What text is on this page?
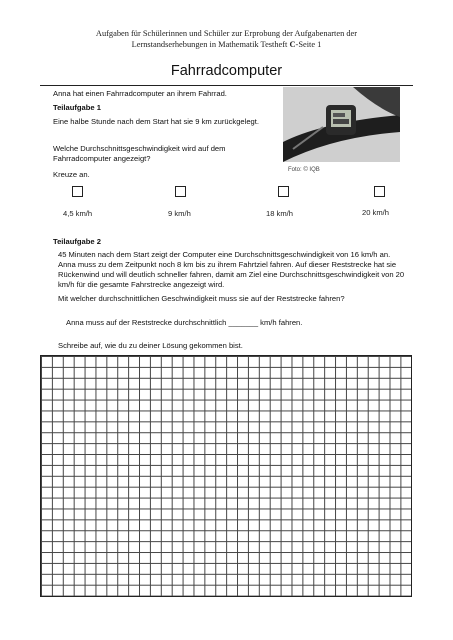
Aufgaben für Schülerinnen und Schüler zur Erprobung der Aufgabenarten der
Lernstandserhebungen in Mathematik Testheft C-Seite 1
Fahrradcomputer
Anna hat einen Fahrradcomputer an ihrem Fahrrad.
Teilaufgabe 1
Eine halbe Stunde nach dem Start hat sie 9 km zurückgelegt.
Welche Durchschnittsgeschwindigkeit wird auf dem Fahrradcomputer angezeigt?
Kreuze an.	Foto: © IQB
4,5 km/h	9 km/h	18 km/h	20 km/h
Teilaufgabe 2
45 Minuten nach dem Start zeigt der Computer eine Durchschnittsgeschwindigkeit von 16 km/h an. Anna muss zu dem Zeitpunkt noch 8 km bis zu ihrem Fahrtziel fahren. Auf dieser Reststrecke hat sie Rückenwind und will deutlich schneller fahren, damit am Ziel eine Durchschnittsgeschwindigkeit von 20 km/h für die gesamte Fahrstrecke angezeigt wird.
Mit welcher durchschnittlichen Geschwindigkeit muss sie auf der Reststrecke fahren?
Anna muss auf der Reststrecke durchschnittlich _______ km/h fahren.
Schreibe auf, wie du zu deiner Lösung gekommen bist.
